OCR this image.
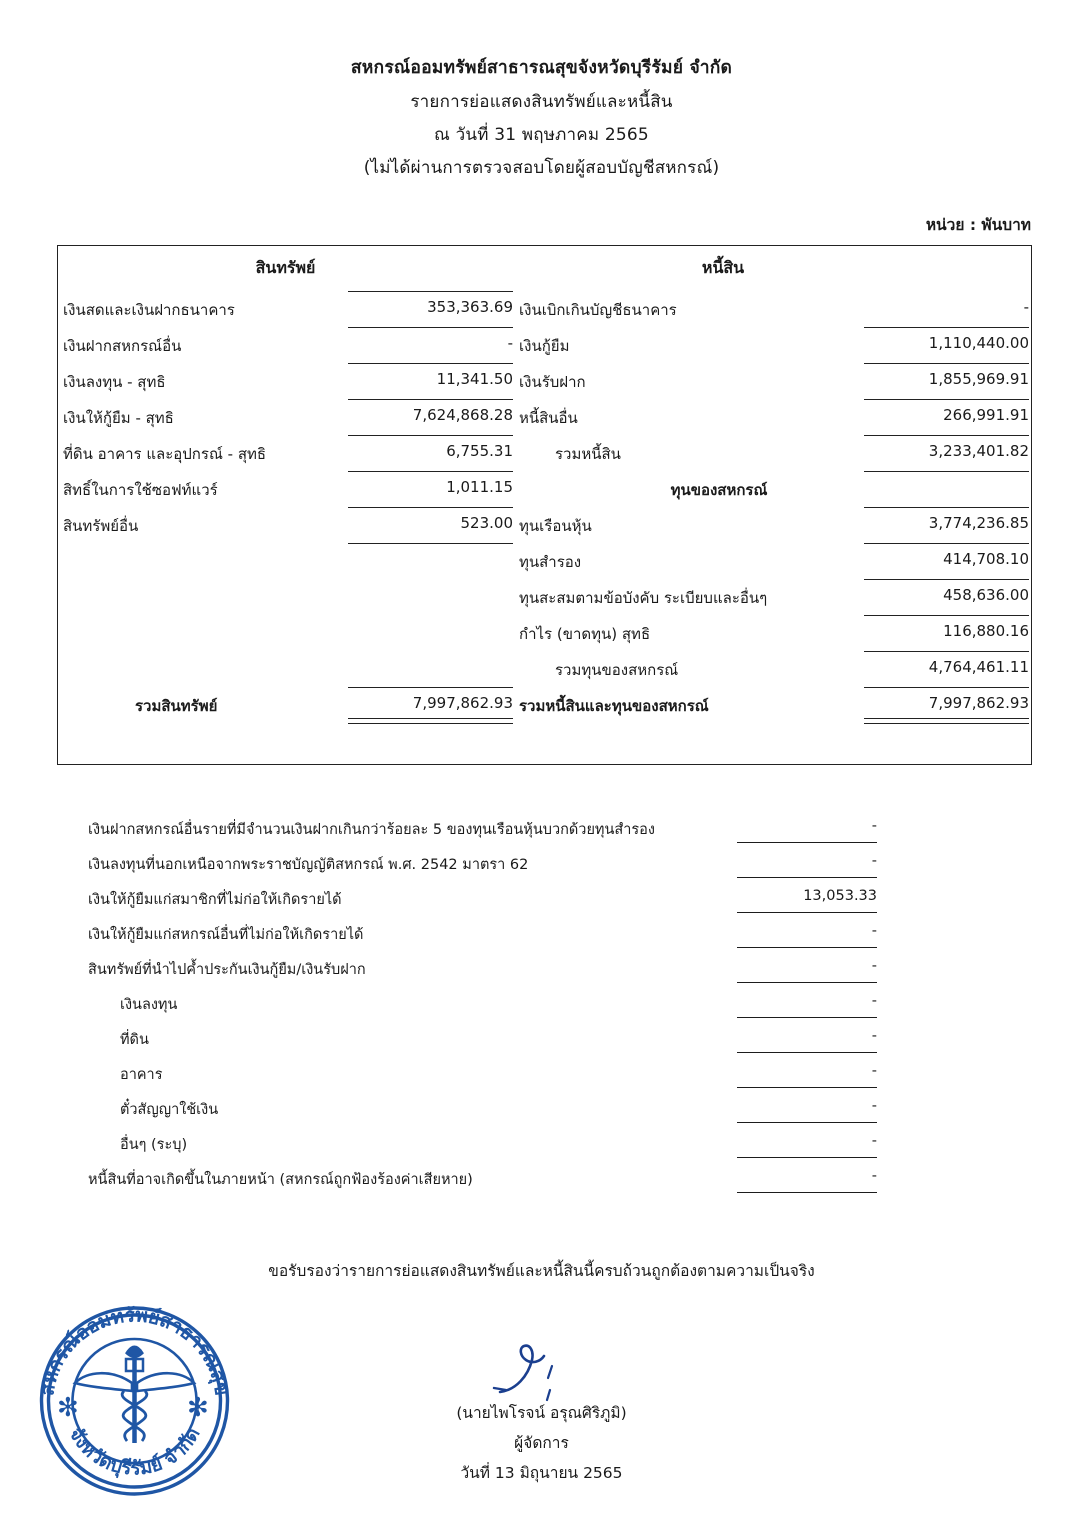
สหกรณ์ออมทรัพย์สาธารณสุขจังหวัดบุรีรัมย์ จำกัด
รายการย่อแสดงสินทรัพย์และหนี้สิน
ณ วันที่ 31 พฤษภาคม 2565
(ไม่ได้ผ่านการตรวจสอบโดยผู้สอบบัญชีสหกรณ์)
หน่วย : พันบาท
สินทรัพย์	หนี้สิน
เงินสดและเงินฝากธนาคาร	353,363.69 เงินเบิกเกินบัญชีธนาคาร	-
เงินฝากสหกรณ์อื่น	- เงินกู้ยืม	1,110,440.00
เงินลงทุน - สุทธิ	11,341.50 เงินรับฝาก	1,855,969.91
เงินให้กู้ยืม - สุทธิ	7,624,868.28 หนี้สินอื่น	266,991.91
ที่ดิน อาคาร และอุปกรณ์ - สุทธิ	6,755.31	รวมหนี้สิน	3,233,401.82
สิทธิ์ในการใช้ซอฟท์แวร์	1,011.15	ทุนของสหกรณ์
สินทรัพย์อื่น	523.00 ทุนเรือนหุ้น	3,774,236.85
ทุนสำรอง	414,708.10
ทุนสะสมตามข้อบังคับ ระเบียบและอื่นๆ	458,636.00
กำไร (ขาดทุน) สุทธิ	116,880.16
รวมทุนของสหกรณ์	4,764,461.11
รวมสินทรัพย์	7,997,862.93 รวมหนี้สินและทุนของสหกรณ์	7,997,862.93
เงินฝากสหกรณ์อื่นรายที่มีจำนวนเงินฝากเกินกว่าร้อยละ 5 ของทุนเรือนหุ้นบวกด้วยทุนสำรอง	-
เงินลงทุนที่นอกเหนือจากพระราชบัญญัติสหกรณ์ พ.ศ. 2542 มาตรา 62	-
เงินให้กู้ยืมแก่สมาชิกที่ไม่ก่อให้เกิดรายได้	13,053.33
เงินให้กู้ยืมแก่สหกรณ์อื่นที่ไม่ก่อให้เกิดรายได้	-
สินทรัพย์ที่นำไปค้ำประกันเงินกู้ยืม/เงินรับฝาก	-
เงินลงทุน	-
ที่ดิน	-
อาคาร	-
ตั๋วสัญญาใช้เงิน	-
อื่นๆ (ระบุ)	-
หนี้สินที่อาจเกิดขึ้นในภายหน้า (สหกรณ์ถูกฟ้องร้องค่าเสียหาย)	-
ขอรับรองว่ารายการย่อแสดงสินทรัพย์และหนี้สินนี้ครบถ้วนถูกต้องตามความเป็นจริง
(นายไพโรจน์ อรุณศิริภูมิ)
ผู้จัดการ
วันที่ 13 มิถุนายน 2565
สหกรณ์ออมทรัพย์สาธารณสุข
จังหวัดบุรีรัมย์ จำกัด
✻	✻
